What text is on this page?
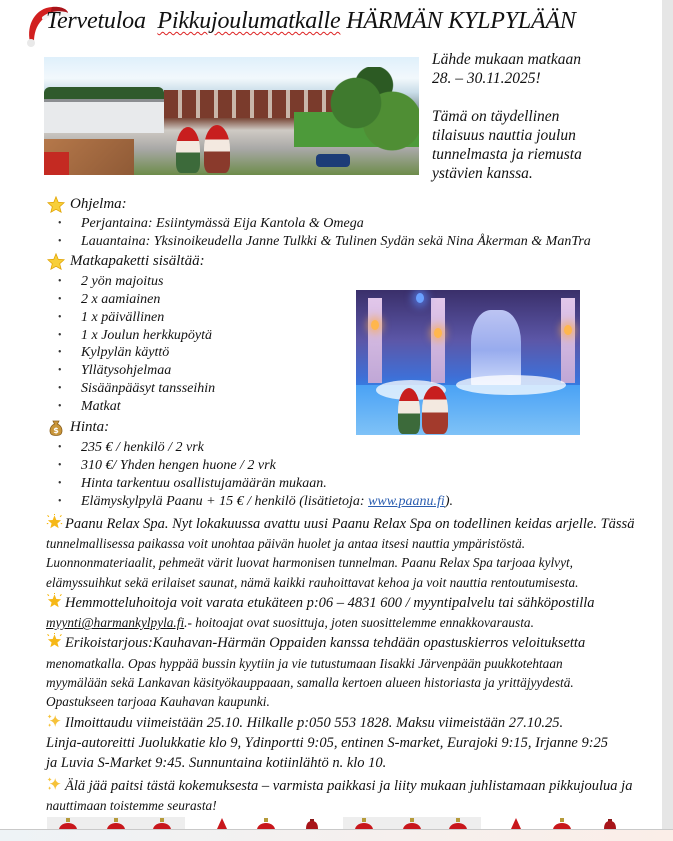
Tervetuloa Pikkujoulumatkalle HÄRMÄN KYLPYLÄÄN

Lähde mukaan matkaan
28. – 30.11.2025!

Tämä on täydellinen
tilaisuus nauttia joulun
tunnelmasta ja riemusta
ystävien kanssa.

Ohjelma:
• Perjantaina: Esiintymässä Eija Kantola & Omega
• Lauantaina: Yksinoikeudella Janne Tulkki & Tulinen Sydän sekä Nina Åkerman & ManTra
Matkapaketti sisältää:
• 2 yön majoitus
• 2 x aamiainen
• 1 x päivällinen
• 1 x Joulun herkkupöytä
• Kylpylän käyttö
• Yllätysohjelmaa
• Sisäänpääsyt tansseihin
• Matkat
$ Hinta:
• 235 € / henkilö / 2 vrk
• 310 €/ Yhden hengen huone / 2 vrk
• Hinta tarkentuu osallistujamäärän mukaan.
• Elämyskylpylä Paanu + 15 € / henkilö (lisätietoja: www.paanu.fi).
Paanu Relax Spa. Nyt lokakuussa avattu uusi Paanu Relax Spa on todellinen keidas arjelle. Tässä
tunnelmallisessa paikassa voit unohtaa päivän huolet ja antaa itsesi nauttia ympäristöstä.
Luonnonmateriaalit, pehmeät värit luovat harmonisen tunnelman. Paanu Relax Spa tarjoaa kylvyt,
elämyssuihkut sekä erilaiset saunat, nämä kaikki rauhoittavat kehoa ja voit nauttia rentoutumisesta.
Hemmotteluhoitoja voit varata etukäteen p:06 – 4831 600 / myyntipalvelu tai sähköpostilla
myynti@harmankylpyla.fi.- hoitoajat ovat suosittuja, joten suosittelemme ennakkovarausta.
Erikoistarjous:Kauhavan-Härmän Oppaiden kanssa tehdään opastuskierros veloituksetta
menomatkalla. Opas hyppää bussin kyytiin ja vie tutustumaan Iisakki Järvenpään puukkotehtaan
myymälään sekä Lankavan käsityökauppaaan, samalla kertoen alueen historiasta ja yrittäjyydestä.
Opastukseen tarjoaa Kauhavan kaupunki.
Ilmoittaudu viimeistään 25.10. Hilkalle p:050 553 1828. Maksu viimeistään 27.10.25.
Linja-autoreitti Juolukkatie klo 9, Ydinportti 9:05, entinen S-market, Eurajoki 9:15, Irjanne 9:25
ja Luvia S-Market 9:45. Sunnuntaina kotiinlähtö n. klo 10.
Älä jää paitsi tästä kokemuksesta – varmista paikkasi ja liity mukaan juhlistamaan pikkujoulua ja
nauttimaan toistemme seurasta!
